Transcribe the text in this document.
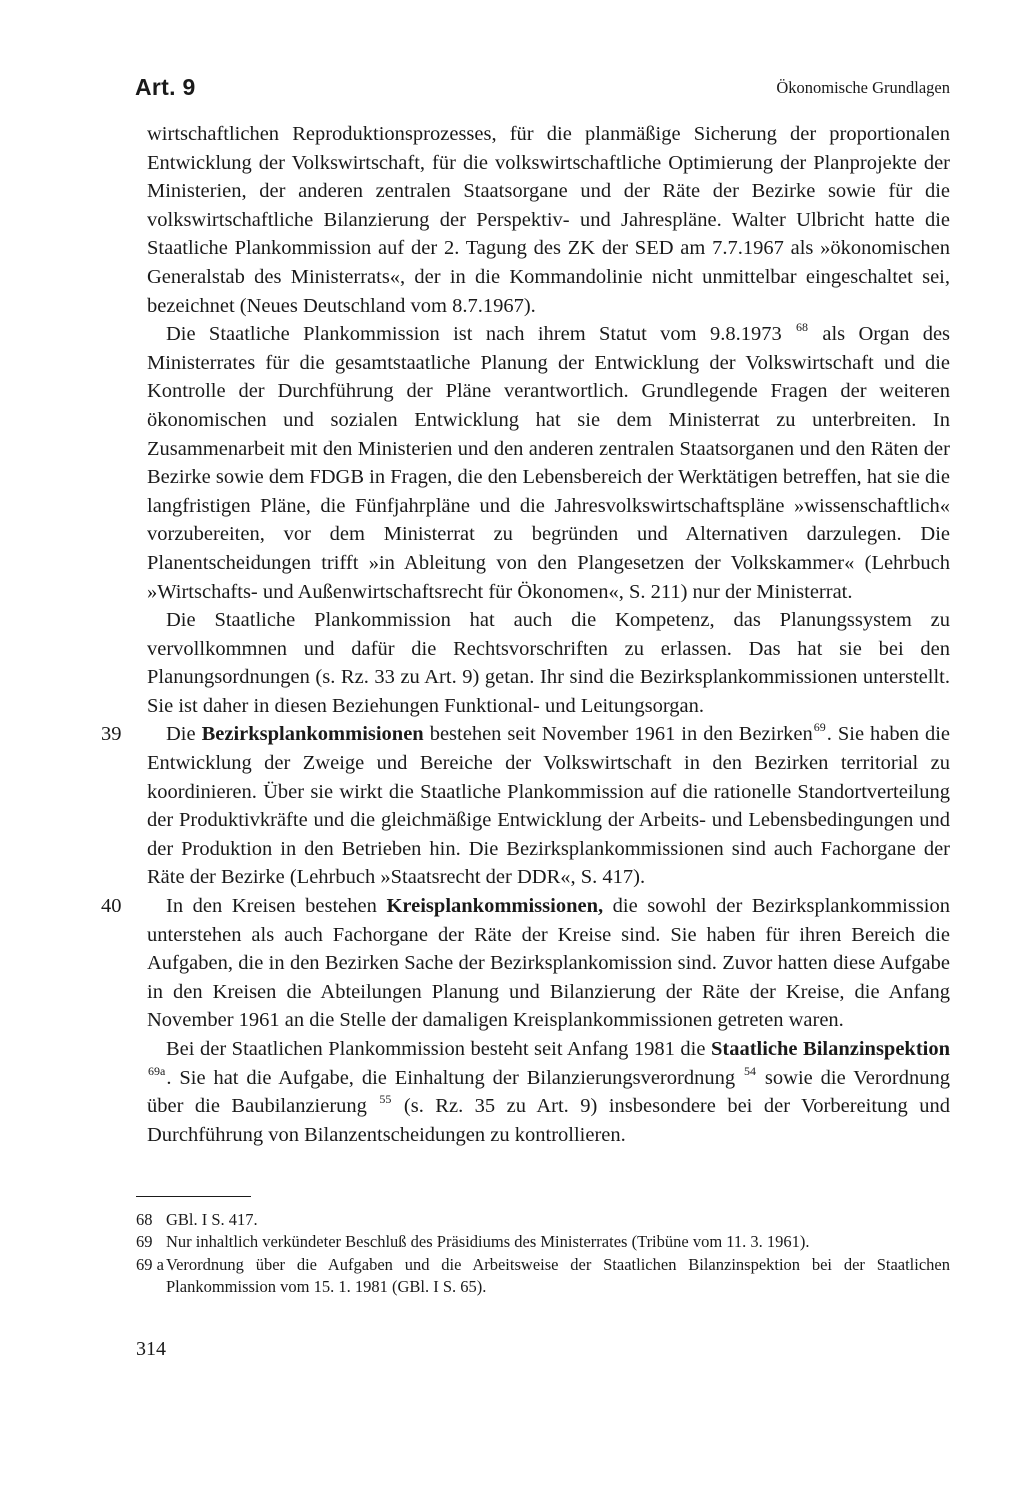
Art. 9	Ökonomische Grundlagen

wirtschaftlichen Reproduktionsprozesses, für die planmäßige Sicherung der proportionalen Entwicklung der Volkswirtschaft, für die volkswirtschaftliche Optimierung der Planprojekte der Ministerien, der anderen zentralen Staatsorgane und der Räte der Bezirke sowie für die volkswirtschaftliche Bilanzierung der Perspektiv- und Jahrespläne. Walter Ulbricht hatte die Staatliche Plankommission auf der 2. Tagung des ZK der SED am 7.7.1967 als »ökonomischen Generalstab des Ministerrats«, der in die Kommandolinie nicht unmittelbar eingeschaltet sei, bezeichnet (Neues Deutschland vom 8.7.1967).

Die Staatliche Plankommission ist nach ihrem Statut vom 9.8.1973 $^{68}$ als Organ des Ministerrates für die gesamtstaatliche Planung der Entwicklung der Volkswirtschaft und die Kontrolle der Durchführung der Pläne verantwortlich. Grundlegende Fragen der weiteren ökonomischen und sozialen Entwicklung hat sie dem Ministerrat zu unterbreiten. In Zusammenarbeit mit den Ministerien und den anderen zentralen Staatsorganen und den Räten der Bezirke sowie dem FDGB in Fragen, die den Lebensbereich der Werktätigen betreffen, hat sie die langfristigen Pläne, die Fünfjahrpläne und die Jahresvolkswirtschaftspläne »wissenschaftlich« vorzubereiten, vor dem Ministerrat zu begründen und Alternativen darzulegen. Die Planentscheidungen trifft »in Ableitung von den Plangesetzen der Volkskammer« (Lehrbuch »Wirtschafts- und Außenwirtschaftsrecht für Ökonomen«, S. 211) nur der Ministerrat.

Die Staatliche Plankommission hat auch die Kompetenz, das Planungssystem zu vervollkommnen und dafür die Rechtsvorschriften zu erlassen. Das hat sie bei den Planungsordnungen (s. Rz. 33 zu Art. 9) getan. Ihr sind die Bezirksplankommissionen unterstellt. Sie ist daher in diesen Beziehungen Funktional- und Leitungsorgan.

39 Die Bezirksplankommisionen bestehen seit November 1961 in den Bezirken$^{69}$. Sie haben die Entwicklung der Zweige und Bereiche der Volkswirtschaft in den Bezirken territorial zu koordinieren. Über sie wirkt die Staatliche Plankommission auf die rationelle Standortverteilung der Produktivkräfte und die gleichmäßige Entwicklung der Arbeits- und Lebensbedingungen und der Produktion in den Betrieben hin. Die Bezirksplankommissionen sind auch Fachorgane der Räte der Bezirke (Lehrbuch »Staatsrecht der DDR«, S. 417).

40 In den Kreisen bestehen Kreisplankommissionen, die sowohl der Bezirksplankommission unterstehen als auch Fachorgane der Räte der Kreise sind. Sie haben für ihren Bereich die Aufgaben, die in den Bezirken Sache der Bezirksplankomission sind. Zuvor hatten diese Aufgabe in den Kreisen die Abteilungen Planung und Bilanzierung der Räte der Kreise, die Anfang November 1961 an die Stelle der damaligen Kreisplankommissionen getreten waren.

Bei der Staatlichen Plankommission besteht seit Anfang 1981 die Staatliche Bilanzinspektion $^{69a}$. Sie hat die Aufgabe, die Einhaltung der Bilanzierungsverordnung $^{54}$ sowie die Verordnung über die Baubilanzierung $^{55}$ (s. Rz. 35 zu Art. 9) insbesondere bei der Vorbereitung und Durchführung von Bilanzentscheidungen zu kontrollieren.

68 GBl. I S. 417.
69 Nur inhaltlich verkündeter Beschluß des Präsidiums des Ministerrates (Tribüne vom 11. 3. 1961).
69 a Verordnung über die Aufgaben und die Arbeitsweise der Staatlichen Bilanzinspektion bei der Staatlichen Plankommission vom 15. 1. 1981 (GBl. I S. 65).
314
